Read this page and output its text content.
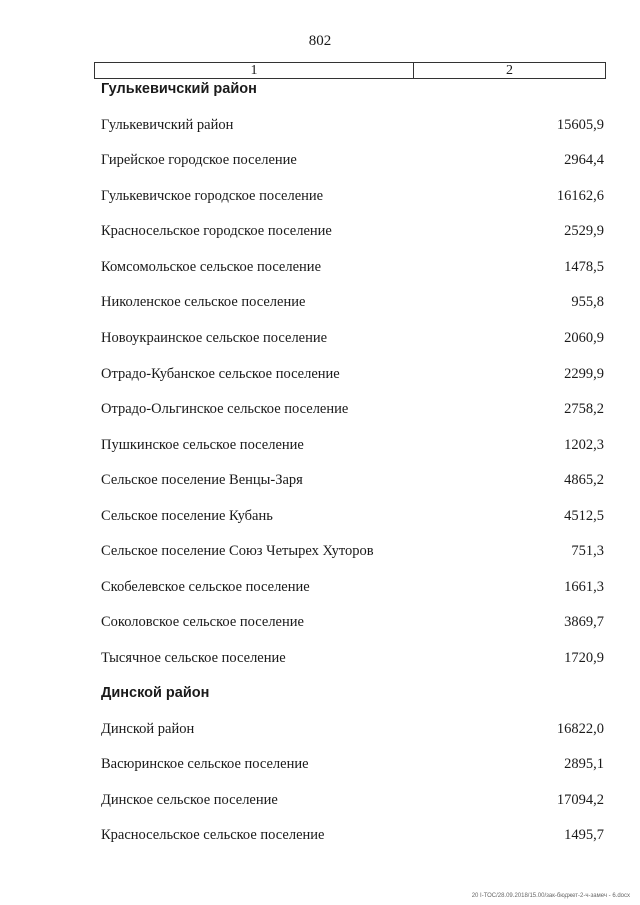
802
1	2
Гулькевичский район
Гулькевичский район	15605,9
Гирейское городское поселение	2964,4
Гулькевичское городское поселение	16162,6
Красносельское городское поселение	2529,9
Комсомольское сельское поселение	1478,5
Николенское сельское поселение	955,8
Новоукраинское сельское поселение	2060,9
Отрадо-Кубанское сельское поселение	2299,9
Отрадо-Ольгинское сельское поселение	2758,2
Пушкинское сельское поселение	1202,3
Сельское поселение Венцы-Заря	4865,2
Сельское поселение Кубань	4512,5
Сельское поселение Союз Четырех Хуторов	751,3
Скобелевское сельское поселение	1661,3
Соколовское сельское поселение	3869,7
Тысячное сельское поселение	1720,9
Динской район
Динской район	16822,0
Васюринское сельское поселение	2895,1
Динское сельское поселение	17094,2
Красносельское сельское поселение	1495,7
20 I-ТОС/28.09.2018/15.00/зак-бюджет-2-ч-замеч - 6.docx
